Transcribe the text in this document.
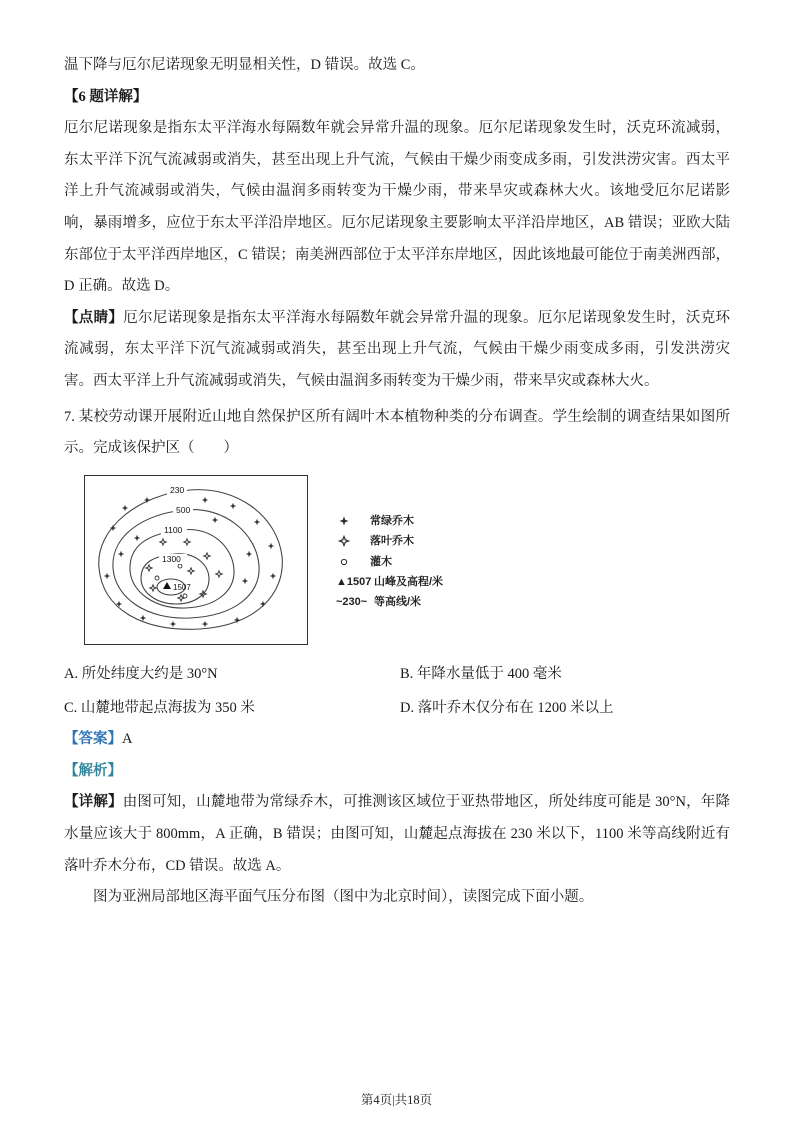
温下降与厄尔尼诺现象无明显相关性，D 错误。故选 C。

【6 题详解】

厄尔尼诺现象是指东太平洋海水每隔数年就会异常升温的现象。厄尔尼诺现象发生时，沃克环流减弱，东太平洋下沉气流减弱或消失，甚至出现上升气流，气候由干燥少雨变成多雨，引发洪涝灾害。西太平洋上升气流减弱或消失，气候由温润多雨转变为干燥少雨，带来旱灾或森林大火。该地受厄尔尼诺影响，暴雨增多，应位于东太平洋沿岸地区。厄尔尼诺现象主要影响太平洋沿岸地区，AB 错误；亚欧大陆东部位于太平洋西岸地区，C 错误；南美洲西部位于太平洋东岸地区，因此该地最可能位于南美洲西部，D 正确。故选 D。

【点睛】厄尔尼诺现象是指东太平洋海水每隔数年就会异常升温的现象。厄尔尼诺现象发生时，沃克环流减弱，东太平洋下沉气流减弱或消失，甚至出现上升气流，气候由干燥少雨变成多雨，引发洪涝灾害。西太平洋上升气流减弱或消失，气候由温润多雨转变为干燥少雨，带来旱灾或森林大火。

7. 某校劳动课开展附近山地自然保护区所有阔叶木本植物种类的分布调查。学生绘制的调查结果如图所示。完成该保护区（　　）

230
500
1100
1300
1507
常绿乔木
落叶乔木
灌木
▲1507 山峰及高程/米
~230~ 等高线/米
A. 所处纬度大约是 30°N	B. 年降水量低于 400 毫米
C. 山麓地带起点海拔为 350 米	D. 落叶乔木仅分布在 1200 米以上

【答案】A

【解析】

【详解】由图可知，山麓地带为常绿乔木，可推测该区域位于亚热带地区，所处纬度可能是 30°N，年降水量应该大于 800mm，A 正确，B 错误；由图可知，山麓起点海拔在 230 米以下，1100 米等高线附近有落叶乔木分布，CD 错误。故选 A。

图为亚洲局部地区海平面气压分布图（图中为北京时间），读图完成下面小题。

第4页|共18页
